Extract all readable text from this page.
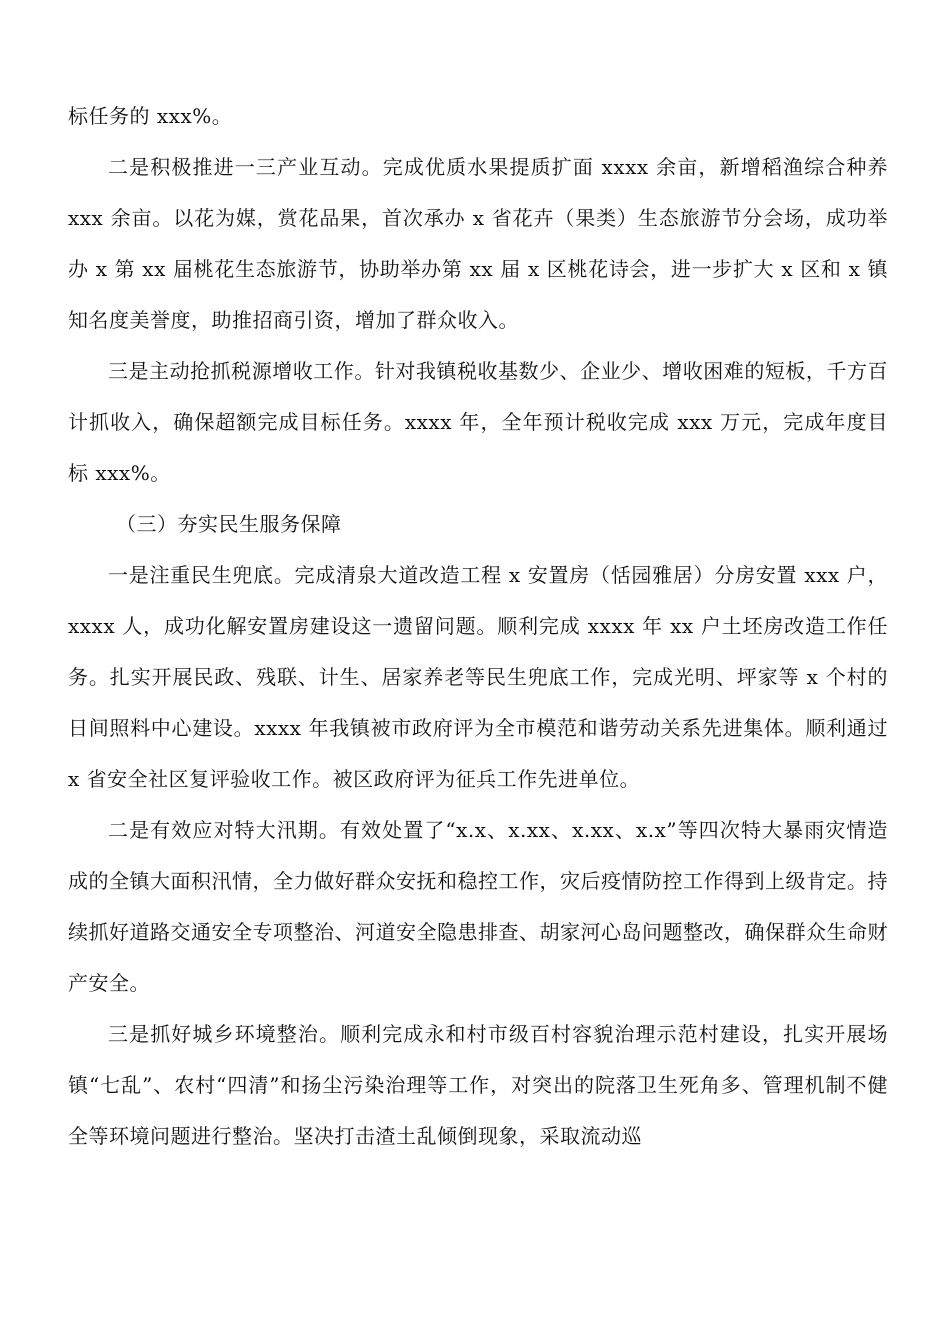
标任务的 xxx%。

二是积极推进一三产业互动。完成优质水果提质扩面 xxxx 余亩，新增稻渔综合种养 xxx 余亩。以花为媒，赏花品果，首次承办 x 省花卉（果类）生态旅游节分会场，成功举办 x 第 xx 届桃花生态旅游节，协助举办第 xx 届 x 区桃花诗会，进一步扩大 x 区和 x 镇知名度美誉度，助推招商引资，增加了群众收入。

三是主动抢抓税源增收工作。针对我镇税收基数少、企业少、增收困难的短板，千方百计抓收入，确保超额完成目标任务。xxxx 年，全年预计税收完成 xxx 万元，完成年度目标 xxx%。

（三）夯实民生服务保障

一是注重民生兜底。完成清泉大道改造工程 x 安置房（恬园雅居）分房安置 xxx 户，xxxx 人，成功化解安置房建设这一遗留问题。顺利完成 xxxx 年 xx 户土坯房改造工作任务。扎实开展民政、残联、计生、居家养老等民生兜底工作，完成光明、坪家等 x 个村的日间照料中心建设。xxxx 年我镇被市政府评为全市模范和谐劳动关系先进集体。顺利通过 x 省安全社区复评验收工作。被区政府评为征兵工作先进单位。

二是有效应对特大汛期。有效处置了“x.x、x.xx、x.xx、x.x”等四次特大暴雨灾情造成的全镇大面积汛情，全力做好群众安抚和稳控工作，灾后疫情防控工作得到上级肯定。持续抓好道路交通安全专项整治、河道安全隐患排查、胡家河心岛问题整改，确保群众生命财产安全。

三是抓好城乡环境整治。顺利完成永和村市级百村容貌治理示范村建设，扎实开展场镇“七乱”、农村“四清”和扬尘污染治理等工作，对突出的院落卫生死角多、管理机制不健全等环境问题进行整治。坚决打击渣土乱倾倒现象，采取流动巡
